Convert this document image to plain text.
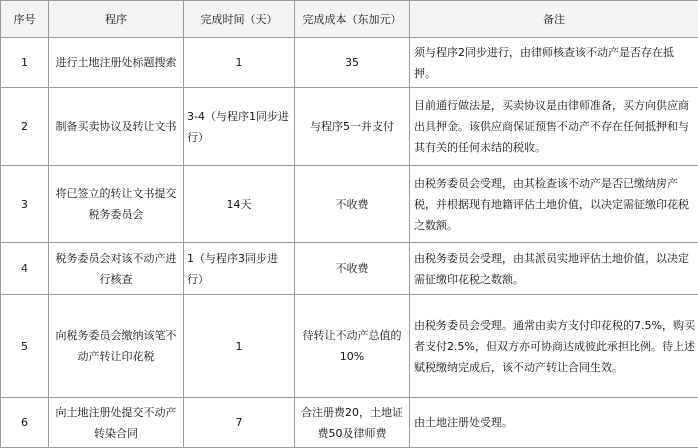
序号	程序	完成时间（天）	完成成本（东加元）	备注
1	进行土地注册处标题搜索	1	35	须与程序2同步进行，由律师核查该不动产是否存在抵押。
2	制备买卖协议及转让文书	3-4（与程序1同步进行）	与程序5一并支付	目前通行做法是，买卖协议是由律师准备，买方向供应商出具押金。该供应商保证预售不动产不存在任何抵押和与其有关的任何未结的税收。
3	将已签立的转让文书提交税务委员会	14天	不收费	由税务委员会受理，由其检查该不动产是否已缴纳房产税，并根据现有地籍评估土地价值，以决定需征缴印花税之数额。
4	税务委员会对该不动产进行核查	1（与程序3同步进行）	不收费	由税务委员会受理，由其派员实地评估土地价值，以决定需征缴印花税之数额。
5	向税务委员会缴纳该笔不动产转让印花税	1	待转让不动产总值的10%	由税务委员会受理。通常由卖方支付印花税的7.5%，购买者支付2.5%，但双方亦可协商达成彼此承担比例。待上述赋税缴纳完成后，该不动产转让合同生效。
6	向土地注册处提交不动产转染合同	7	合注册费20，土地证费50及律师费	由土地注册处受理。
